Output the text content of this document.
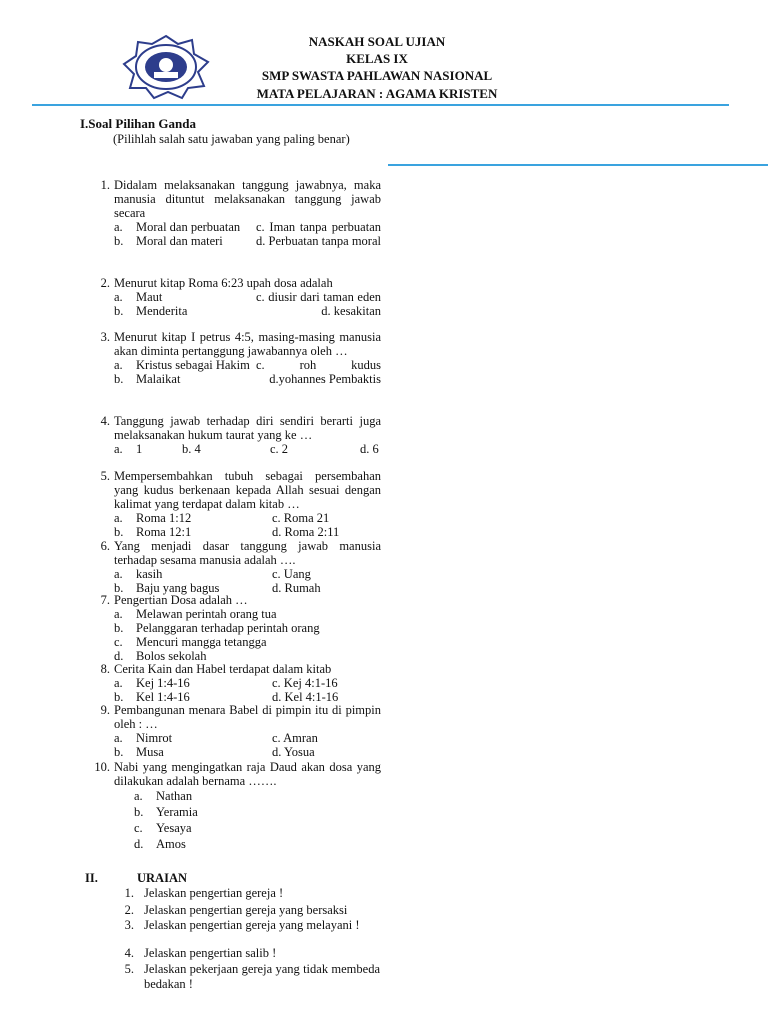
NASKAH SOAL UJIAN
KELAS IX
SMP SWASTA PAHLAWAN NASIONAL
MATA PELAJARAN : AGAMA KRISTEN
I.Soal Pilihan Ganda
(Pilihlah salah satu jawaban yang paling benar)
1. Didalam melaksanakan tanggung jawabnya, maka manusia dituntut melaksanakan tanggung jawab secara
a.	Moral dan perbuatan	c. Iman tanpa perbuatan
b.	Moral dan materi	d. Perbuatan tanpa moral
2. Menurut kitap Roma 6:23 upah dosa adalah
a.	Maut	c. diusir dari taman eden
b.	Menderita	d. kesakitan
3. Menurut kitap I petrus 4:5, masing-masing manusia akan diminta pertanggung jawabannya oleh …
a.	Kristus sebagai Hakim c. roh kudus
b.	Malaikat	d.yohannes Pembaktis
4. Tanggung jawab terhadap diri sendiri berarti juga melaksanakan hukum taurat yang ke …
a. 1	b. 4	c. 2	d. 6
5. Mempersembahkan tubuh sebagai persembahan yang kudus berkenaan kepada Allah sesuai dengan kalimat yang terdapat dalam kitab …
a. Roma 1:12	c. Roma 21
b. Roma 12:1	d. Roma 2:11
6. Yang menjadi dasar tanggung jawab manusia terhadap sesama manusia adalah ….
a. kasih	c. Uang
b. Baju yang bagus	d. Rumah
7. Pengertian Dosa adalah …
a. Melawan perintah orang tua
b. Pelanggaran terhadap perintah orang
c. Mencuri mangga tetangga
d. Bolos sekolah
8. Cerita Kain dan Habel terdapat dalam kitab
a. Kej 1:4-16	c. Kej 4:1-16
b. Kel 1:4-16	d. Kel 4:1-16
9. Pembangunan menara Babel di pimpin itu di pimpin oleh : …
a. Nimrot	c. Amran
b. Musa	d. Yosua
10. Nabi yang mengingatkan raja Daud akan dosa yang dilakukan adalah bernama …….
a. Nathan
b. Yeramia
c. Yesaya
d. Amos
II.	URAIAN
1. Jelaskan pengertian gereja !
2. Jelaskan pengertian gereja yang bersaksi
3. Jelaskan pengertian gereja yang melayani !
4. Jelaskan pengertian salib !
5. Jelaskan pekerjaan gereja yang tidak membeda bedakan !
